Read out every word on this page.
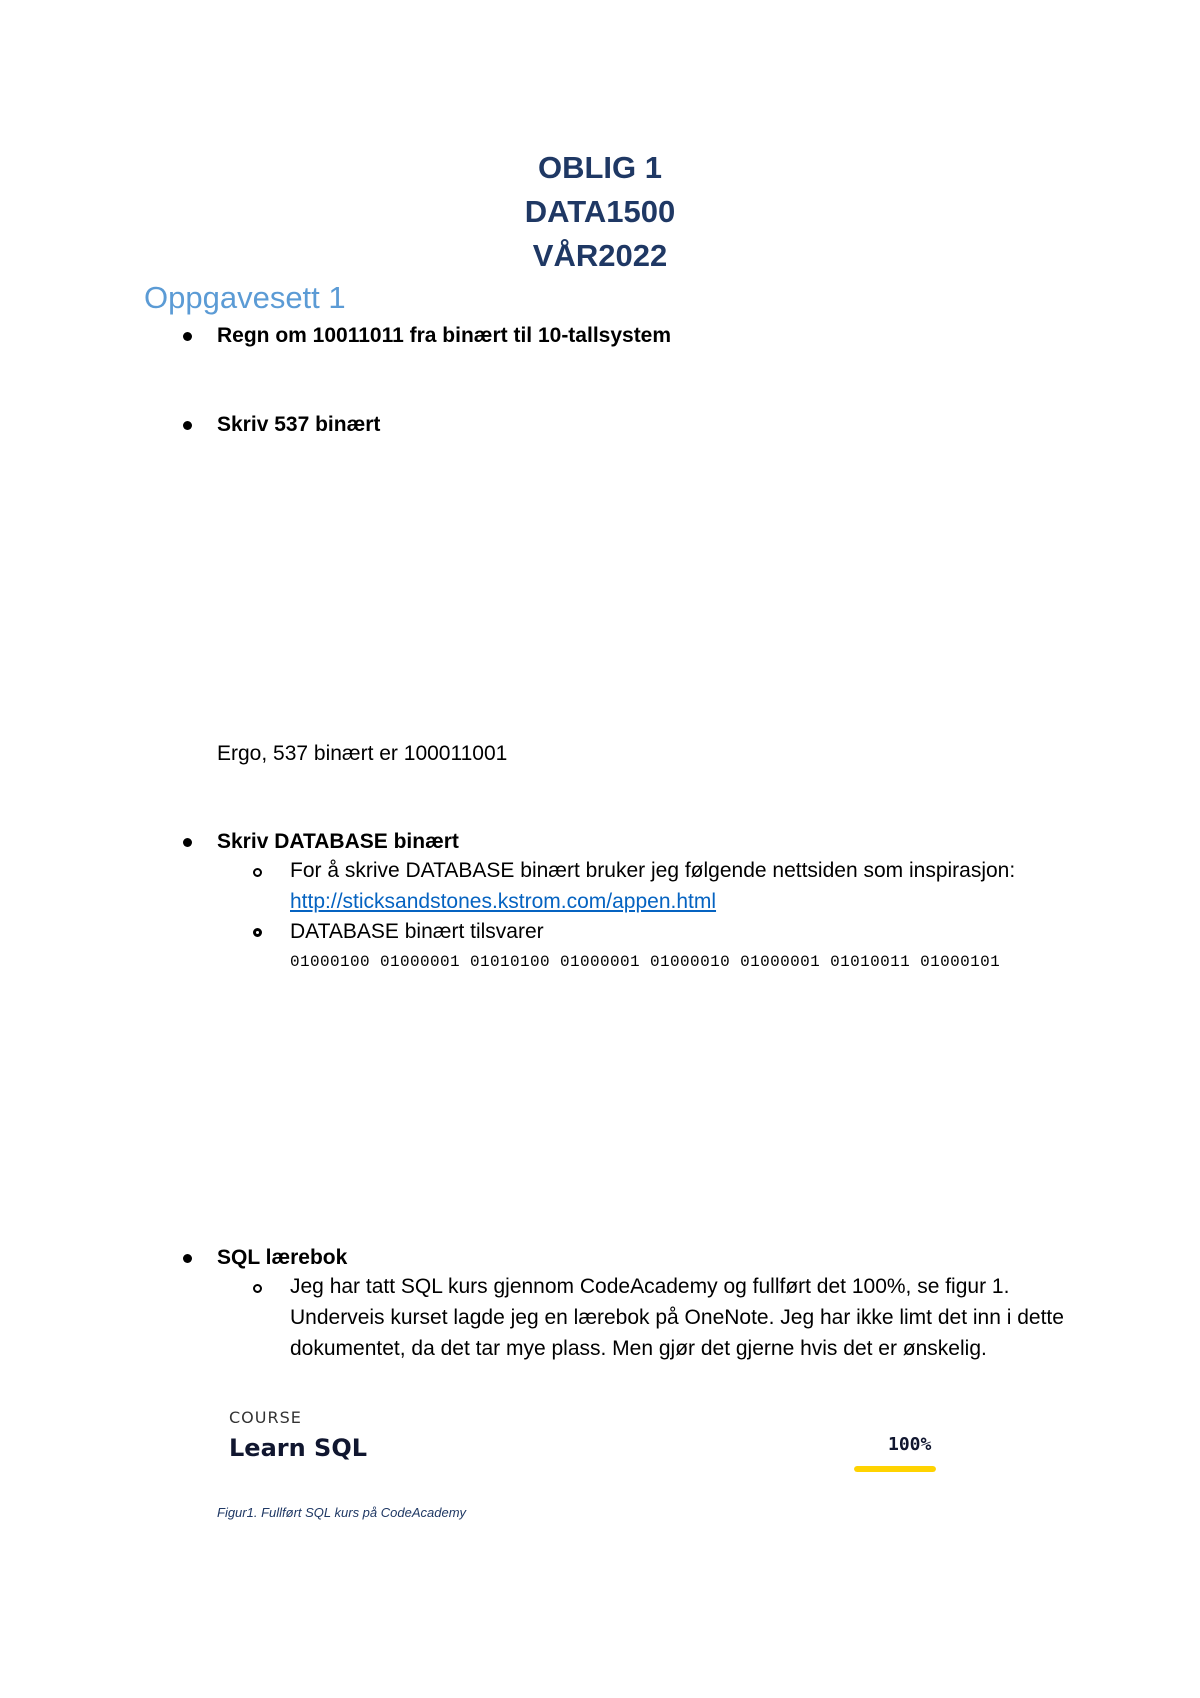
OBLIG 1
DATA1500
VÅR2022
Oppgavesett 1
Regn om 10011011 fra binært til 10-tallsystem
Skriv 537 binært
Ergo, 537 binært er 100011001
Skriv DATABASE binært
For å skrive DATABASE binært bruker jeg følgende nettsiden som inspirasjon:
http://sticksandstones.kstrom.com/appen.html
DATABASE binært tilsvarer
01000100 01000001 01010100 01000001 01000010 01000001 01010011 01000101
SQL lærebok
Jeg har tatt SQL kurs gjennom CodeAcademy og fullført det 100%, se figur 1. Underveis kurset lagde jeg en lærebok på OneNote. Jeg har ikke limt det inn i dette dokumentet, da det tar mye plass. Men gjør det gjerne hvis det er ønskelig.
COURSE
Learn SQL	100%
Figur1. Fullført SQL kurs på CodeAcademy
